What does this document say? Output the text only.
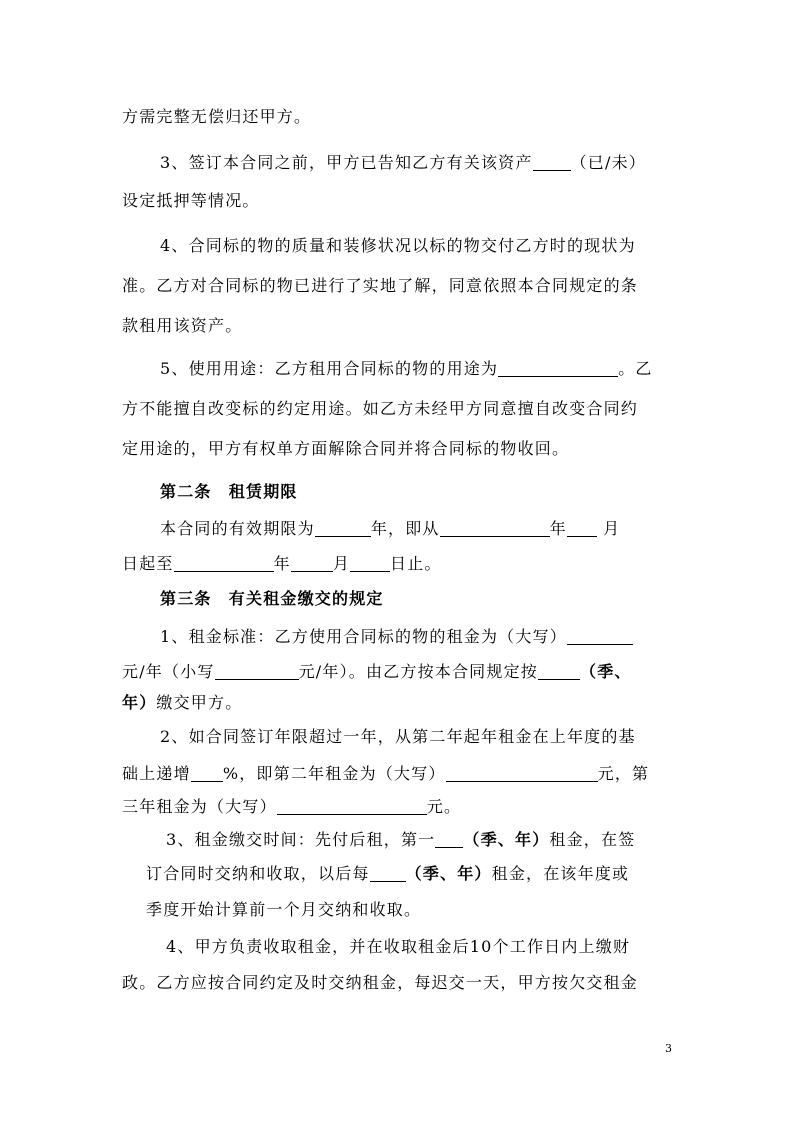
方需完整无偿归还甲方。
3、签订本合同之前，甲方已告知乙方有关该资产 （已/未）
设定抵押等情况。
4、合同标的物的质量和装修状况以标的物交付乙方时的现状为
准。乙方对合同标的物已进行了实地了解，同意依照本合同规定的条
款租用该资产。
5、使用用途：乙方租用合同标的物的用途为	。乙
方不能擅自改变标的约定用途。如乙方未经甲方同意擅自改变合同约
定用途的，甲方有权单方面解除合同并将合同标的物收回。
第二条　租赁期限
本合同的有效期限为	年，即从	年 月
日起至	年	月	日止。
第三条　有关租金缴交的规定
1、租金标准：乙方使用合同标的物的租金为（大写）
元/年（小写	元/年）。由乙方按本合同规定按	（季、
年）缴交甲方。
2、如合同签订年限超过一年，从第二年起年租金在上年度的基
础上递增 %，即第二年租金为（大写）	元，第
三年租金为（大写）	元。
3、租金缴交时间：先付后租，第一 （季、年）租金，在签
订合同时交纳和收取，以后每 （季、年）租金，在该年度或
季度开始计算前一个月交纳和收取。
4、甲方负责收取租金，并在收取租金后10个工作日内上缴财
政。乙方应按合同约定及时交纳租金，每迟交一天，甲方按欠交租金
3
